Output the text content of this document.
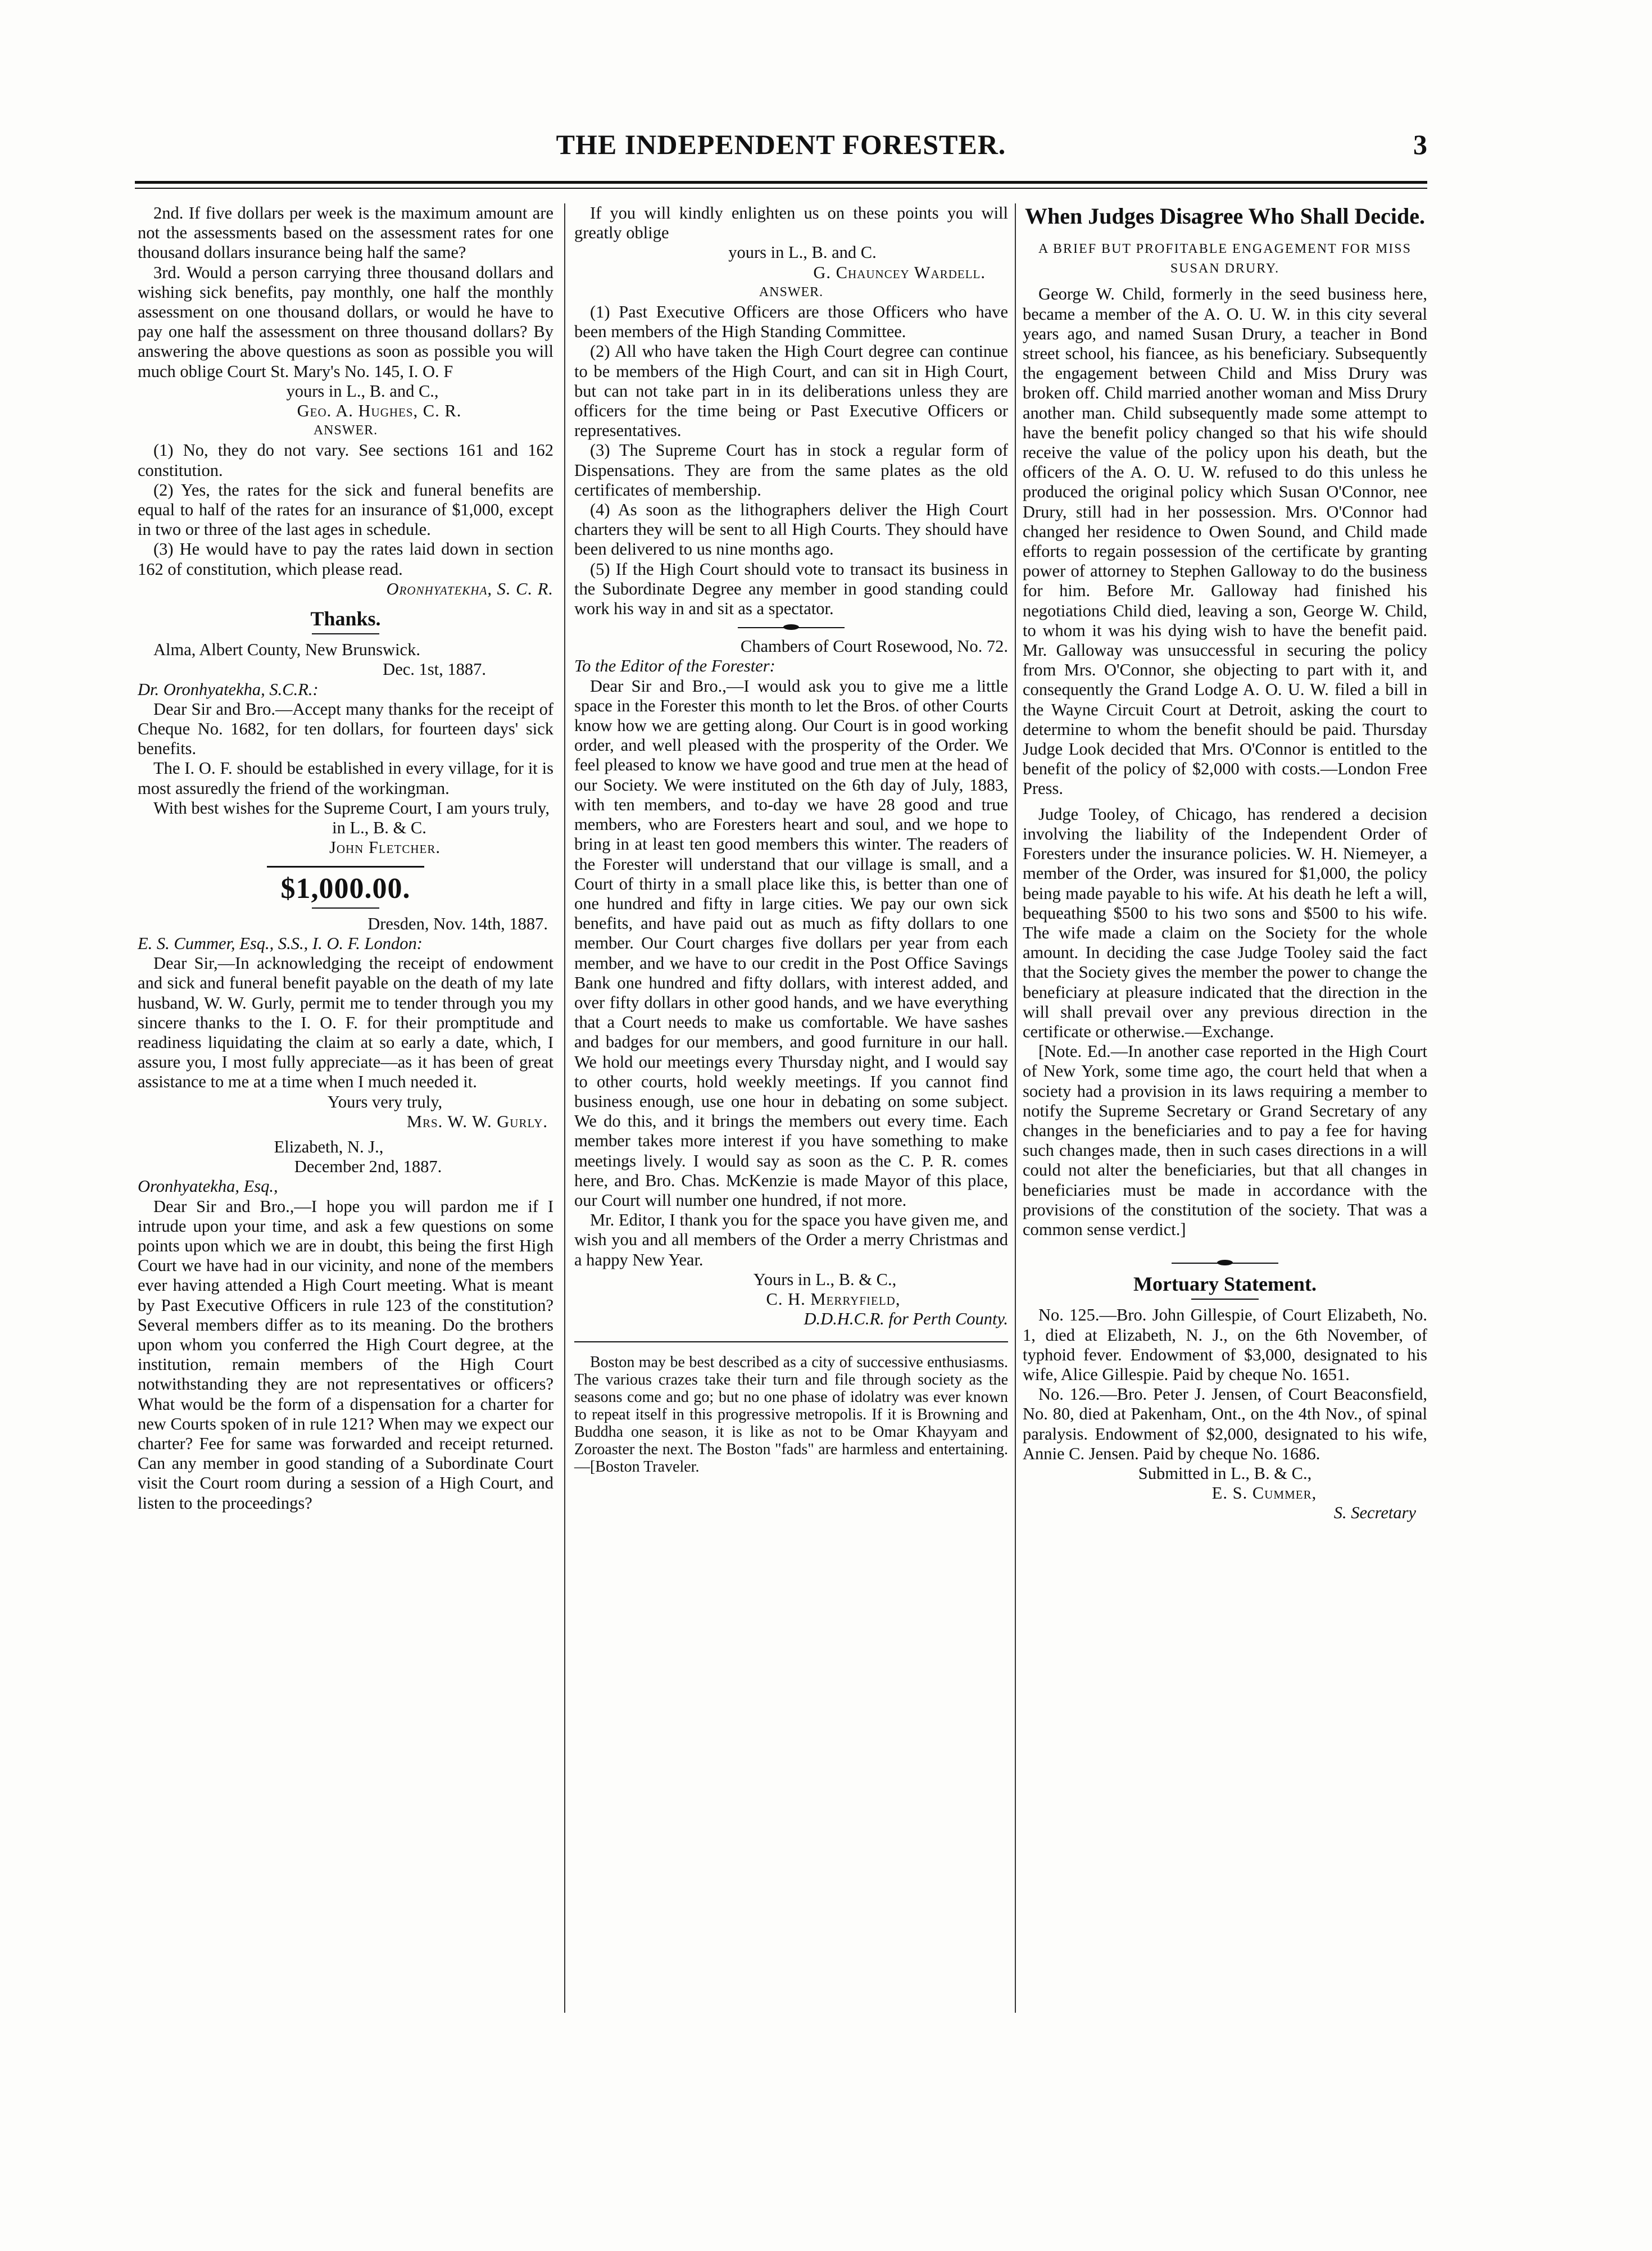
THE INDEPENDENT FORESTER.	3

2nd. If five dollars per week is the maximum amount are not the assessments based on the assessment rates for one thousand dollars insurance being half the same?

3rd. Would a person carrying three thousand dollars and wishing sick benefits, pay monthly, one half the monthly assessment on one thousand dollars, or would he have to pay one half the assessment on three thousand dollars? By answering the above questions as soon as possible you will much oblige Court St. Mary's No. 145, I. O. F

yours in L., B. and C.,

Geo. A. Hughes, C. R.

ANSWER.

(1) No, they do not vary. See sections 161 and 162 constitution.

(2) Yes, the rates for the sick and funeral benefits are equal to half of the rates for an insurance of $1,000, except in two or three of the last ages in schedule.

(3) He would have to pay the rates laid down in section 162 of constitution, which please read.

Oronhyatekha, S. C. R.

Thanks.

Alma, Albert County, New Brunswick.

Dec. 1st, 1887.

Dr. Oronhyatekha, S.C.R.:

Dear Sir and Bro.—Accept many thanks for the receipt of Cheque No. 1682, for ten dollars, for fourteen days' sick benefits.

The I. O. F. should be established in every village, for it is most assuredly the friend of the workingman.

With best wishes for the Supreme Court, I am yours truly,

in L., B. & C.

John Fletcher.

$1,000.00.

Dresden, Nov. 14th, 1887.

E. S. Cummer, Esq., S.S., I. O. F. London:

Dear Sir,—In acknowledging the receipt of endowment and sick and funeral benefit payable on the death of my late husband, W. W. Gurly, permit me to tender through you my sincere thanks to the I. O. F. for their promptitude and readiness liquidating the claim at so early a date, which, I assure you, I most fully appreciate—as it has been of great assistance to me at a time when I much needed it.

Yours very truly,

Mrs. W. W. Gurly.

Elizabeth, N. J.,

December 2nd, 1887.

Oronhyatekha, Esq.,

Dear Sir and Bro.,—I hope you will pardon me if I intrude upon your time, and ask a few questions on some points upon which we are in doubt, this being the first High Court we have had in our vicinity, and none of the members ever having attended a High Court meeting. What is meant by Past Executive Officers in rule 123 of the constitution? Several members differ as to its meaning. Do the brothers upon whom you conferred the High Court degree, at the institution, remain members of the High Court notwithstanding they are not representatives or officers? What would be the form of a dispensation for a charter for new Courts spoken of in rule 121? When may we expect our charter? Fee for same was forwarded and receipt returned. Can any member in good standing of a Subordinate Court visit the Court room during a session of a High Court, and listen to the proceedings?

If you will kindly enlighten us on these points you will greatly oblige

yours in L., B. and C.

G. Chauncey Wardell.

ANSWER.

(1) Past Executive Officers are those Officers who have been members of the High Standing Committee.

(2) All who have taken the High Court degree can continue to be members of the High Court, and can sit in High Court, but can not take part in in its deliberations unless they are officers for the time being or Past Executive Officers or representatives.

(3) The Supreme Court has in stock a regular form of Dispensations. They are from the same plates as the old certificates of membership.

(4) As soon as the lithographers deliver the High Court charters they will be sent to all High Courts. They should have been delivered to us nine months ago.

(5) If the High Court should vote to transact its business in the Subordinate Degree any member in good standing could work his way in and sit as a spectator.

Chambers of Court Rosewood, No. 72.

To the Editor of the Forester:

Dear Sir and Bro.,—I would ask you to give me a little space in the Forester this month to let the Bros. of other Courts know how we are getting along. Our Court is in good working order, and well pleased with the prosperity of the Order. We feel pleased to know we have good and true men at the head of our Society. We were instituted on the 6th day of July, 1883, with ten members, and to-day we have 28 good and true members, who are Foresters heart and soul, and we hope to bring in at least ten good members this winter. The readers of the Forester will understand that our village is small, and a Court of thirty in a small place like this, is better than one of one hundred and fifty in large cities. We pay our own sick benefits, and have paid out as much as fifty dollars to one member. Our Court charges five dollars per year from each member, and we have to our credit in the Post Office Savings Bank one hundred and fifty dollars, with interest added, and over fifty dollars in other good hands, and we have everything that a Court needs to make us comfortable. We have sashes and badges for our members, and good furniture in our hall. We hold our meetings every Thursday night, and I would say to other courts, hold weekly meetings. If you cannot find business enough, use one hour in debating on some subject. We do this, and it brings the members out every time. Each member takes more interest if you have something to make meetings lively. I would say as soon as the C. P. R. comes here, and Bro. Chas. McKenzie is made Mayor of this place, our Court will number one hundred, if not more.

Mr. Editor, I thank you for the space you have given me, and wish you and all members of the Order a merry Christmas and a happy New Year.

Yours in L., B. & C.,

C. H. Merryfield,

D.D.H.C.R. for Perth County.

Boston may be best described as a city of successive enthusiasms. The various crazes take their turn and file through society as the seasons come and go; but no one phase of idolatry was ever known to repeat itself in this progressive metropolis. If it is Browning and Buddha one season, it is like as not to be Omar Khayyam and Zoroaster the next. The Boston "fads" are harmless and entertaining.—[Boston Traveler.

When Judges Disagree Who Shall Decide.

A BRIEF BUT PROFITABLE ENGAGEMENT FOR MISS SUSAN DRURY.

George W. Child, formerly in the seed business here, became a member of the A. O. U. W. in this city several years ago, and named Susan Drury, a teacher in Bond street school, his fiancee, as his beneficiary. Subsequently the engagement between Child and Miss Drury was broken off. Child married another woman and Miss Drury another man. Child subsequently made some attempt to have the benefit policy changed so that his wife should receive the value of the policy upon his death, but the officers of the A. O. U. W. refused to do this unless he produced the original policy which Susan O'Connor, nee Drury, still had in her possession. Mrs. O'Connor had changed her residence to Owen Sound, and Child made efforts to regain possession of the certificate by granting power of attorney to Stephen Galloway to do the business for him. Before Mr. Galloway had finished his negotiations Child died, leaving a son, George W. Child, to whom it was his dying wish to have the benefit paid. Mr. Galloway was unsuccessful in securing the policy from Mrs. O'Connor, she objecting to part with it, and consequently the Grand Lodge A. O. U. W. filed a bill in the Wayne Circuit Court at Detroit, asking the court to determine to whom the benefit should be paid. Thursday Judge Look decided that Mrs. O'Connor is entitled to the benefit of the policy of $2,000 with costs.—London Free Press.

Judge Tooley, of Chicago, has rendered a decision involving the liability of the Independent Order of Foresters under the insurance policies. W. H. Niemeyer, a member of the Order, was insured for $1,000, the policy being made payable to his wife. At his death he left a will, bequeathing $500 to his two sons and $500 to his wife. The wife made a claim on the Society for the whole amount. In deciding the case Judge Tooley said the fact that the Society gives the member the power to change the beneficiary at pleasure indicated that the direction in the will shall prevail over any previous direction in the certificate or otherwise.—Exchange.

[Note. Ed.—In another case reported in the High Court of New York, some time ago, the court held that when a society had a provision in its laws requiring a member to notify the Supreme Secretary or Grand Secretary of any changes in the beneficiaries and to pay a fee for having such changes made, then in such cases directions in a will could not alter the beneficiaries, but that all changes in beneficiaries must be made in accordance with the provisions of the constitution of the society. That was a common sense verdict.]

Mortuary Statement.

No. 125.—Bro. John Gillespie, of Court Elizabeth, No. 1, died at Elizabeth, N. J., on the 6th November, of typhoid fever. Endowment of $3,000, designated to his wife, Alice Gillespie. Paid by cheque No. 1651.

No. 126.—Bro. Peter J. Jensen, of Court Beaconsfield, No. 80, died at Pakenham, Ont., on the 4th Nov., of spinal paralysis. Endowment of $2,000, designated to his wife, Annie C. Jensen. Paid by cheque No. 1686.

Submitted in L., B. & C.,

E. S. Cummer,

S. Secretary
